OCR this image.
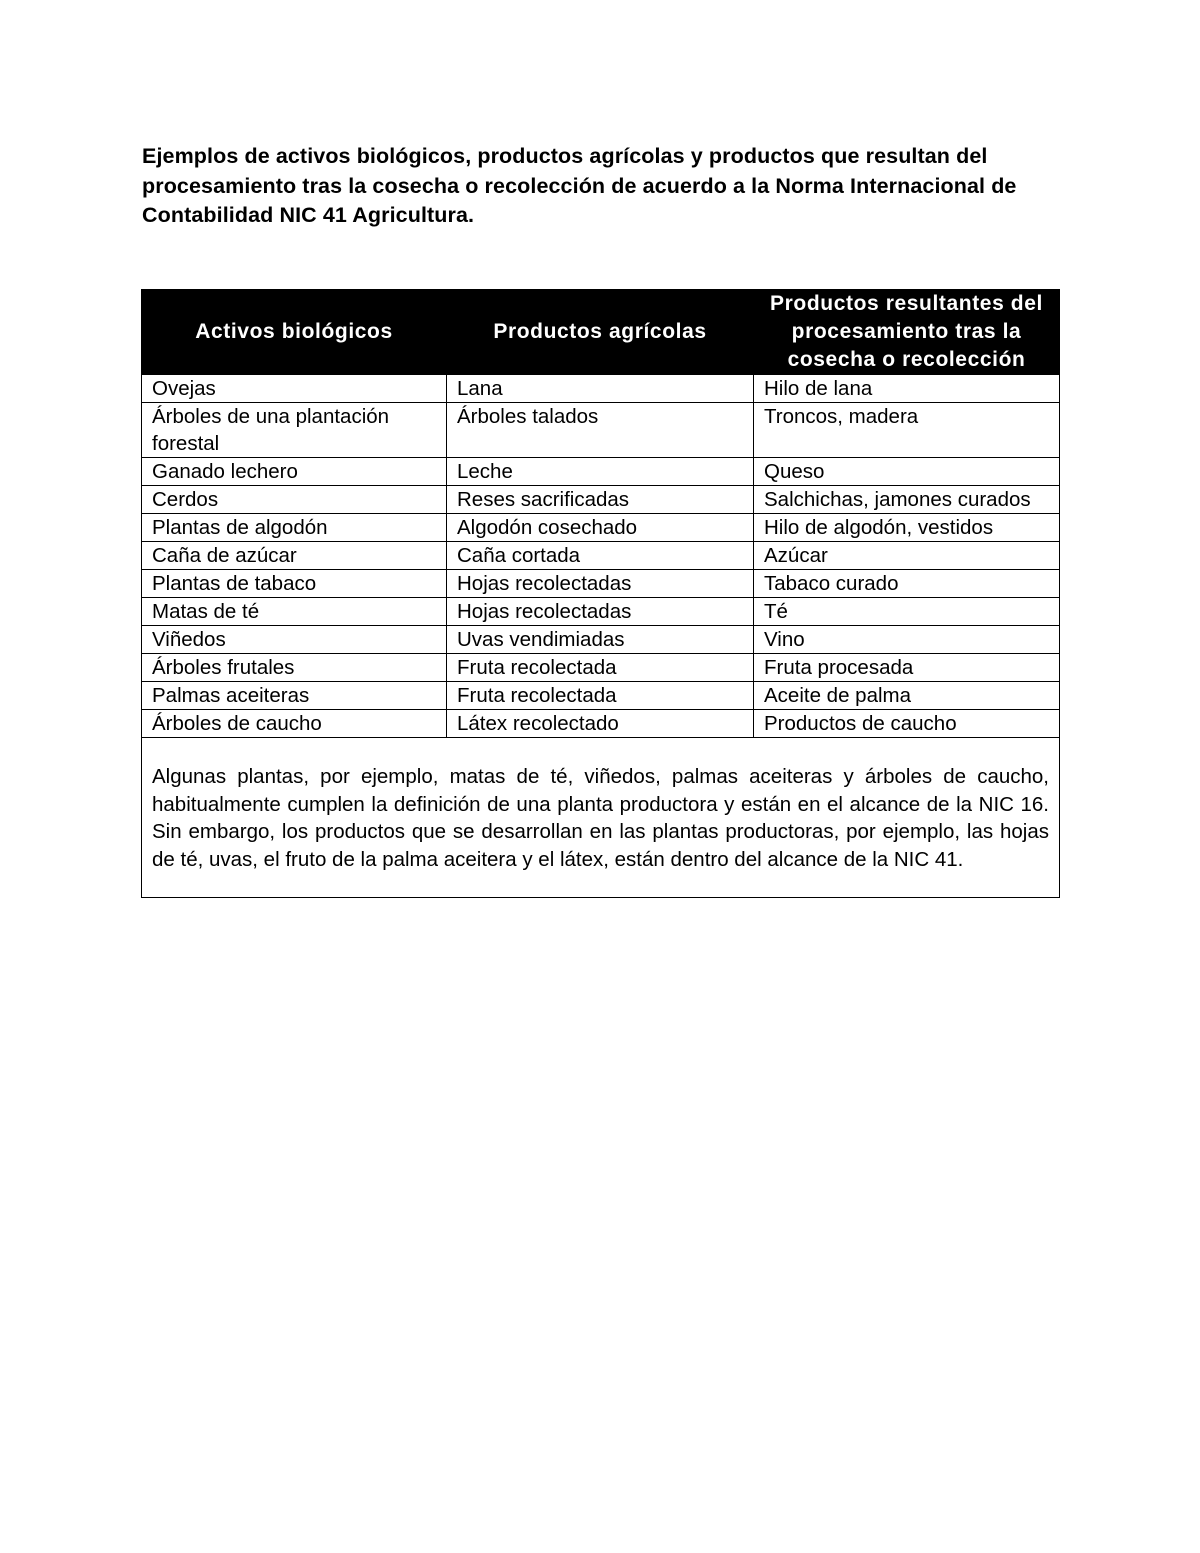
Ejemplos de activos biológicos, productos agrícolas y productos que resultan del procesamiento tras la cosecha o recolección de acuerdo a la Norma Internacional de Contabilidad NIC 41 Agricultura.
Activos biológicos	Productos agrícolas	Productos resultantes del procesamiento tras la cosecha o recolección
Ovejas	Lana	Hilo de lana
Árboles de una plantación forestal	Árboles talados	Troncos, madera
Ganado lechero	Leche	Queso
Cerdos	Reses sacrificadas	Salchichas, jamones curados
Plantas de algodón	Algodón cosechado	Hilo de algodón, vestidos
Caña de azúcar	Caña cortada	Azúcar
Plantas de tabaco	Hojas recolectadas	Tabaco curado
Matas de té	Hojas recolectadas	Té
Viñedos	Uvas vendimiadas	Vino
Árboles frutales	Fruta recolectada	Fruta procesada
Palmas aceiteras	Fruta recolectada	Aceite de palma
Árboles de caucho	Látex recolectado	Productos de caucho

Algunas plantas, por ejemplo, matas de té, viñedos, palmas aceiteras y árboles de caucho, habitualmente cumplen la definición de una planta productora y están en el alcance de la NIC 16. Sin embargo, los productos que se desarrollan en las plantas productoras, por ejemplo, las hojas de té, uvas, el fruto de la palma aceitera y el látex, están dentro del alcance de la NIC 41.		
